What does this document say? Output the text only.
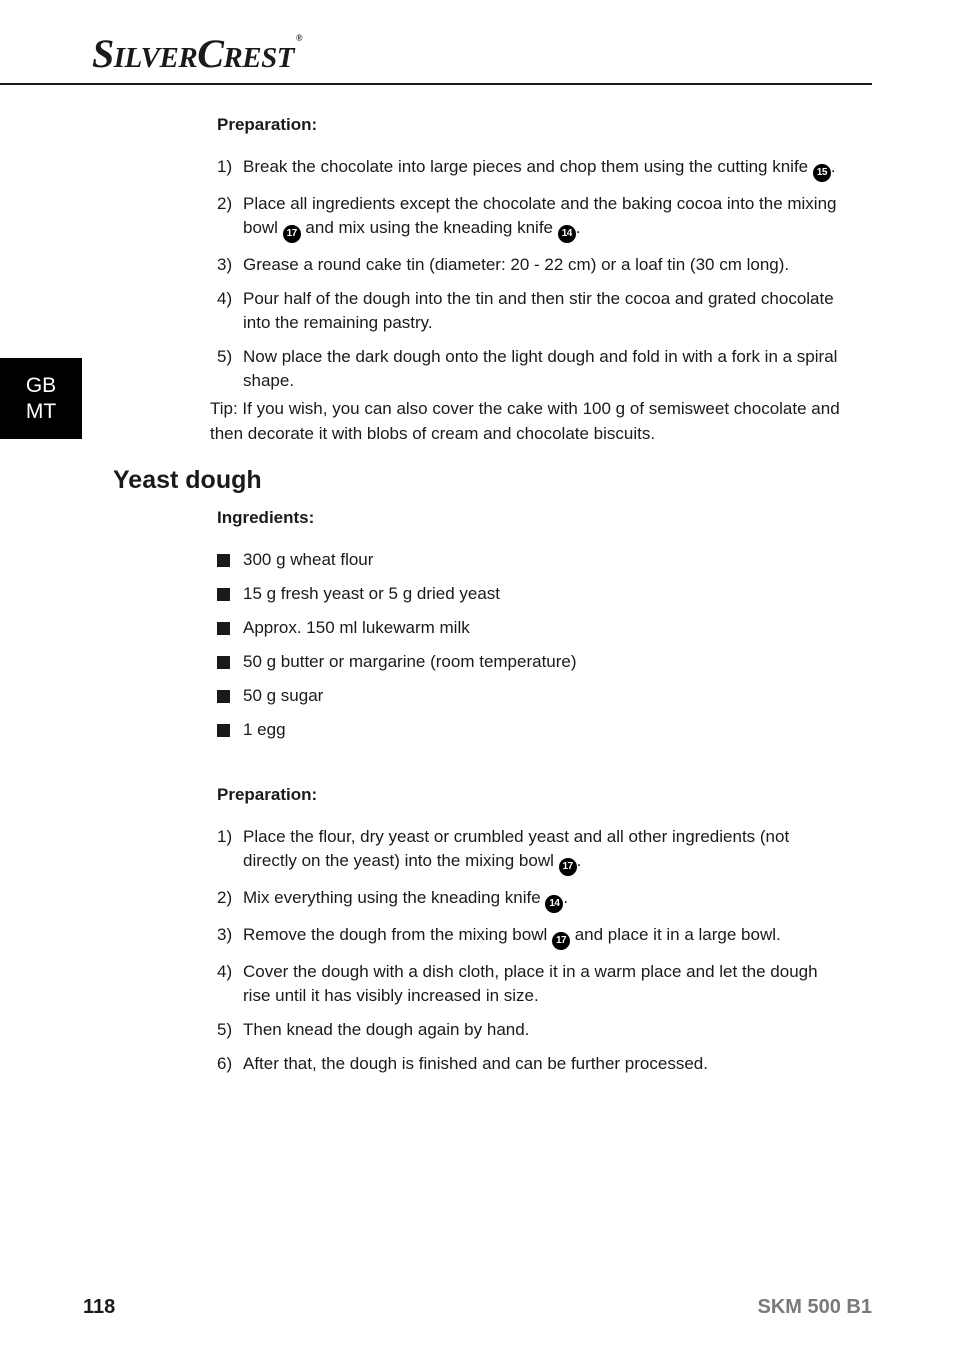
SILVERCREST®
GB
MT
Preparation:
1) Break the chocolate into large pieces and chop them using the cutting knife 15 .
2) Place all ingredients except the chocolate and the baking cocoa into the mixing bowl 17 and mix using the kneading knife 14 .
3) Grease a round cake tin (diameter: 20 - 22 cm) or a loaf tin (30 cm long).
4) Pour half of the dough into the tin and then stir the cocoa and grated chocolate into the remaining pastry.
5) Now place the dark dough onto the light dough and fold in with a fork in a spiral shape.

Tip: If you wish, you can also cover the cake with 100 g of semisweet chocolate and then decorate it with blobs of cream and chocolate biscuits.

Yeast dough
Ingredients:
300 g wheat flour
15 g fresh yeast or 5 g dried yeast
Approx. 150 ml lukewarm milk
50 g butter or margarine (room temperature)
50 g sugar
1 egg
Preparation:
1) Place the flour, dry yeast or crumbled yeast and all other ingredients (not directly on the yeast) into the mixing bowl 17 .
2) Mix everything using the kneading knife 14 .
3) Remove the dough from the mixing bowl 17 and place it in a large bowl.
4) Cover the dough with a dish cloth, place it in a warm place and let the dough rise until it has visibly increased in size.
5) Then knead the dough again by hand.
6) After that, the dough is finished and can be further processed.
118	SKM 500 B1
